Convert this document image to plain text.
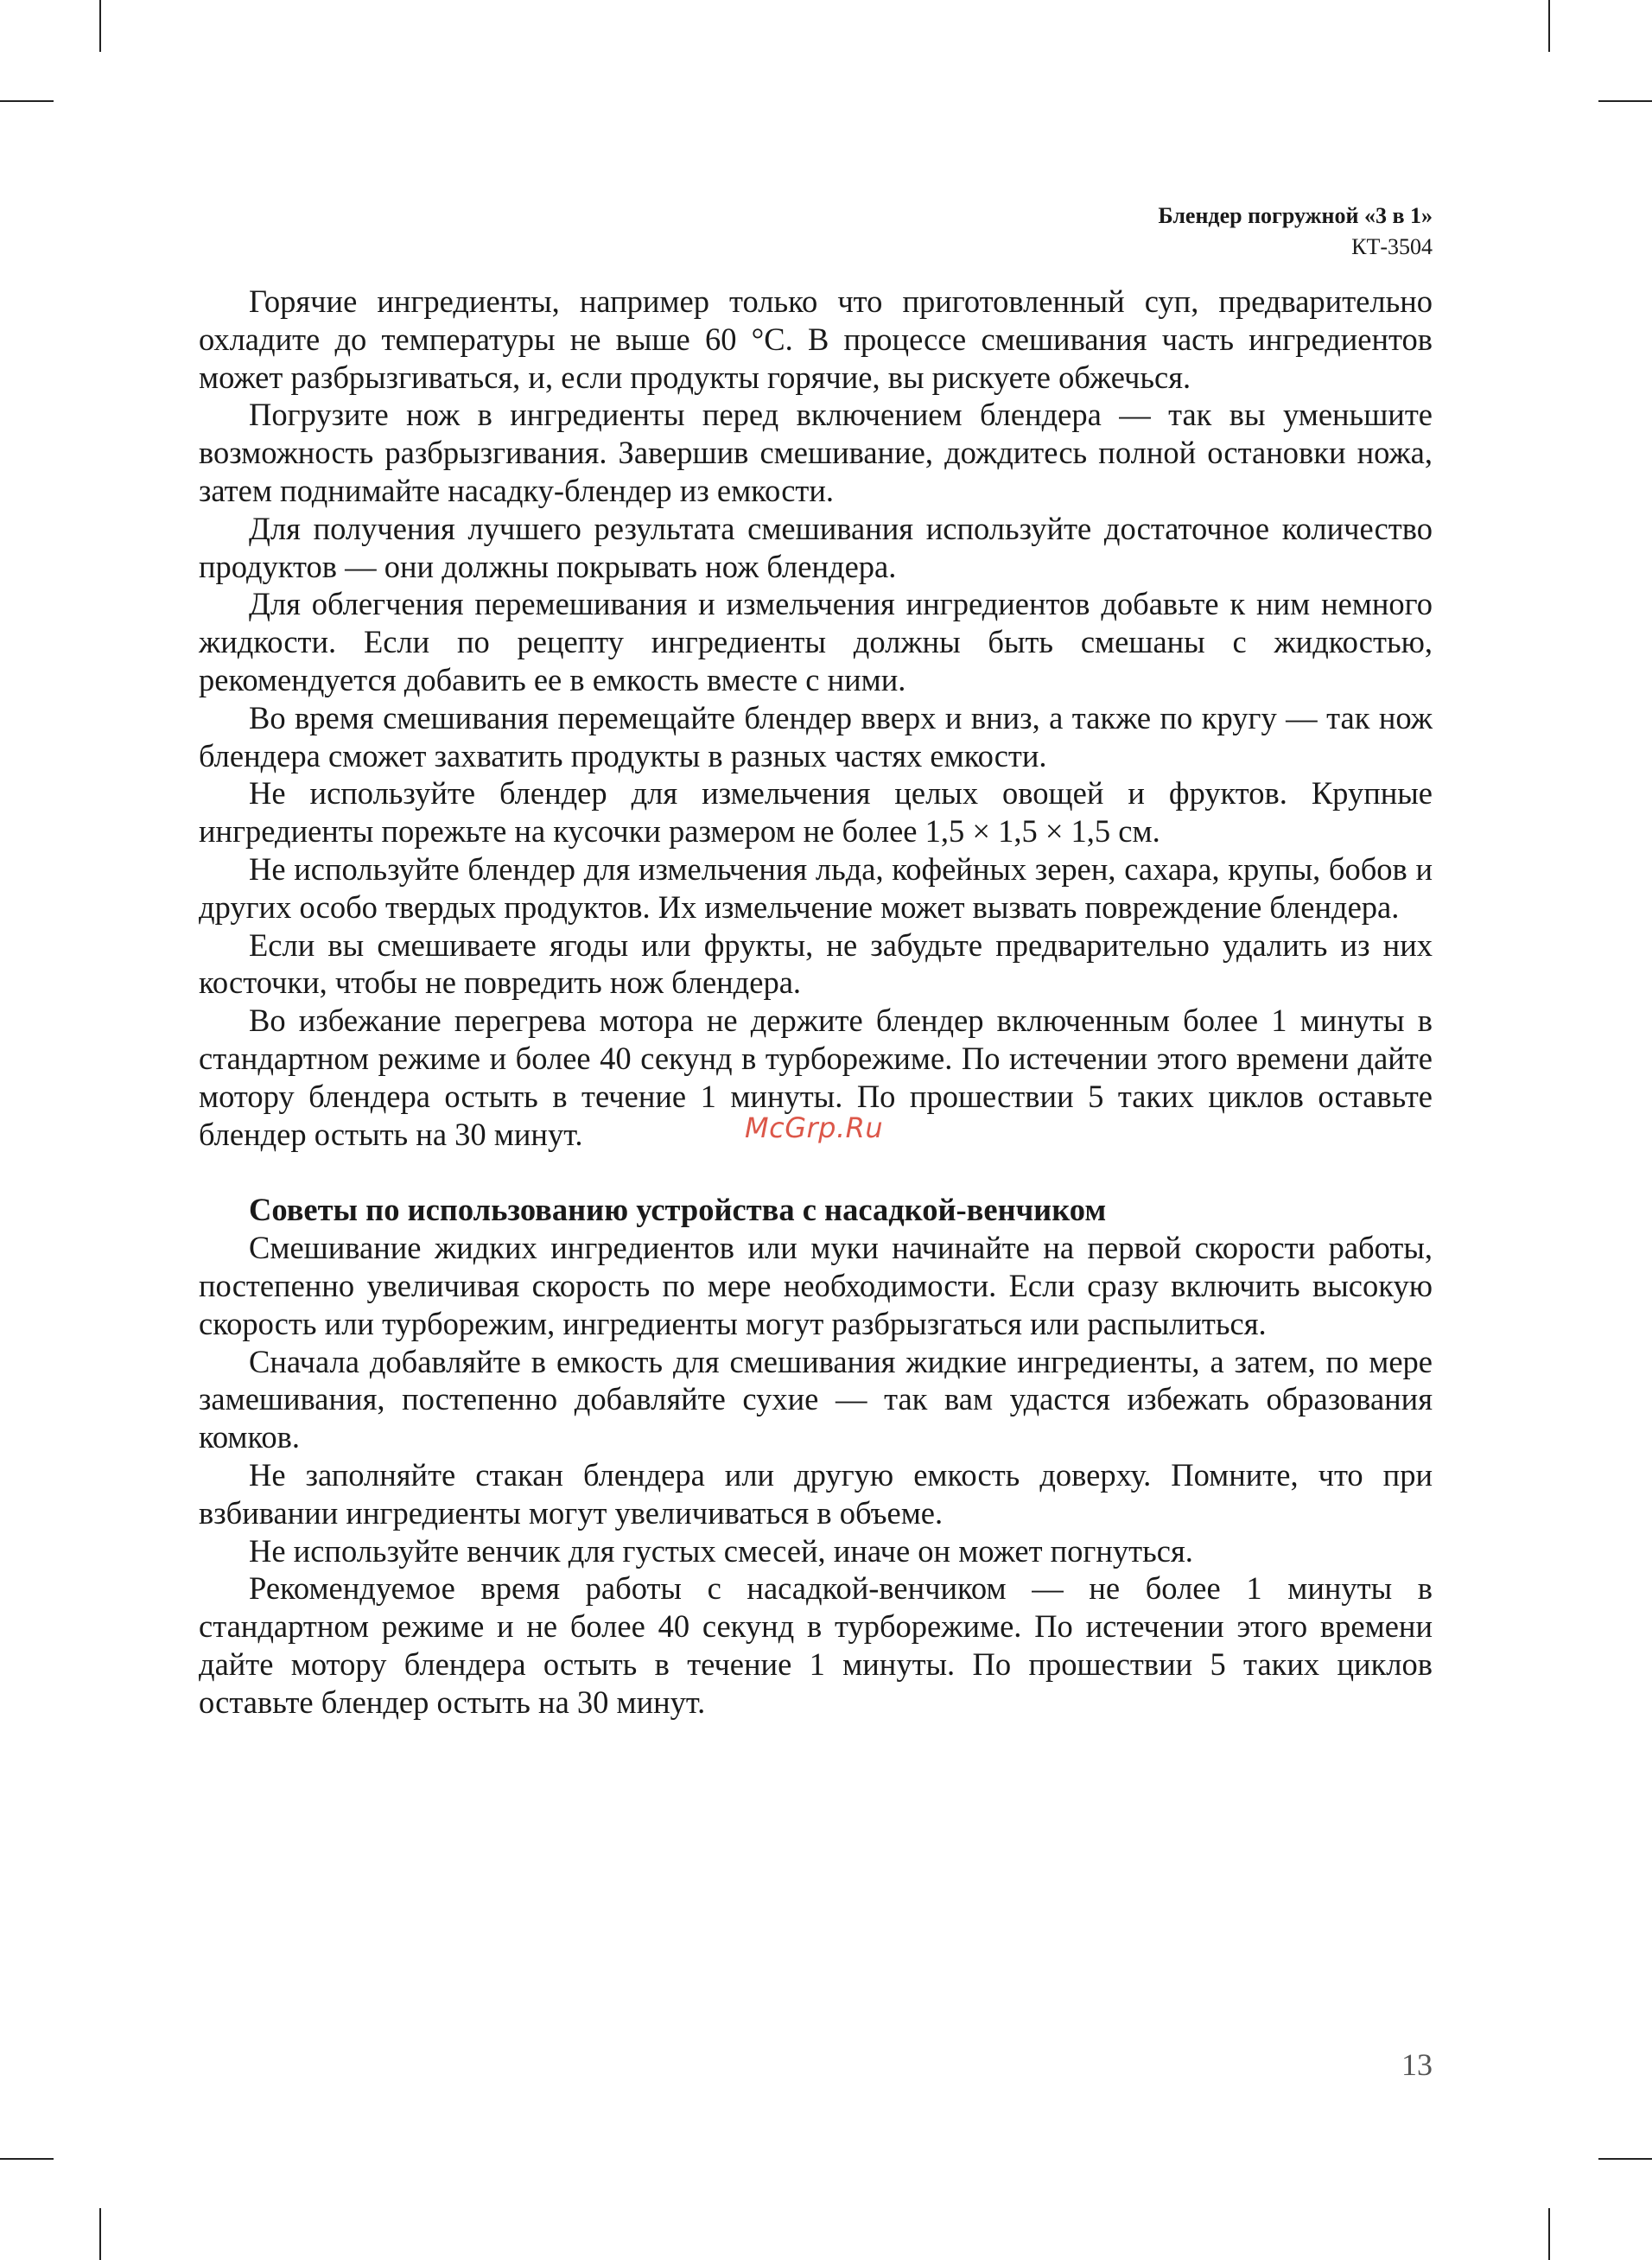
Блендер погружной «3 в 1»
КТ-3504

Горячие ингредиенты, например только что приготовленный суп, предварительно охладите до температуры не выше 60 °С. В процессе смешивания часть ингредиентов может разбрызгиваться, и, если продукты горячие, вы рискуете обжечься.

Погрузите нож в ингредиенты перед включением блендера — так вы уменьшите возможность разбрызгивания. Завершив смешивание, дождитесь полной остановки ножа, затем поднимайте насадку-блендер из емкости.

Для получения лучшего результата смешивания используйте достаточное количество продуктов — они должны покрывать нож блендера.

Для облегчения перемешивания и измельчения ингредиентов добавьте к ним немного жидкости. Если по рецепту ингредиенты должны быть смешаны с жидкостью, рекомендуется добавить ее в емкость вместе с ними.

Во время смешивания перемещайте блендер вверх и вниз, а также по кругу — так нож блендера сможет захватить продукты в разных частях емкости.

Не используйте блендер для измельчения целых овощей и фруктов. Крупные ингредиенты порежьте на кусочки размером не более 1,5 × 1,5 × 1,5 см.

Не используйте блендер для измельчения льда, кофейных зерен, сахара, крупы, бобов и других особо твердых продуктов. Их измельчение может вызвать повреждение блендера.

Если вы смешиваете ягоды или фрукты, не забудьте предварительно удалить из них косточки, чтобы не повредить нож блендера.

Во избежание перегрева мотора не держите блендер включенным более 1 минуты в стандартном режиме и более 40 секунд в турборежиме. По истечении этого времени дайте мотору блендера остыть в течение 1 минуты. По прошествии 5 таких циклов оставьте блендер остыть на 30 минут.

Советы по использованию устройства с насадкой-венчиком

Смешивание жидких ингредиентов или муки начинайте на первой скорости работы, постепенно увеличивая скорость по мере необходимости. Если сразу включить высокую скорость или турборежим, ингредиенты могут разбрызгаться или распылиться.

Сначала добавляйте в емкость для смешивания жидкие ингредиенты, а затем, по мере замешивания, постепенно добавляйте сухие — так вам удастся избежать образования комков.

Не заполняйте стакан блендера или другую емкость доверху. Помните, что при взбивании ингредиенты могут увеличиваться в объеме.

Не используйте венчик для густых смесей, иначе он может погнуться.

Рекомендуемое время работы с насадкой-венчиком — не более 1 минуты в стандартном режиме и не более 40 секунд в турборежиме. По истечении этого времени дайте мотору блендера остыть в течение 1 минуты. По прошествии 5 таких циклов оставьте блендер остыть на 30 минут.

McGrp.Ru
13
